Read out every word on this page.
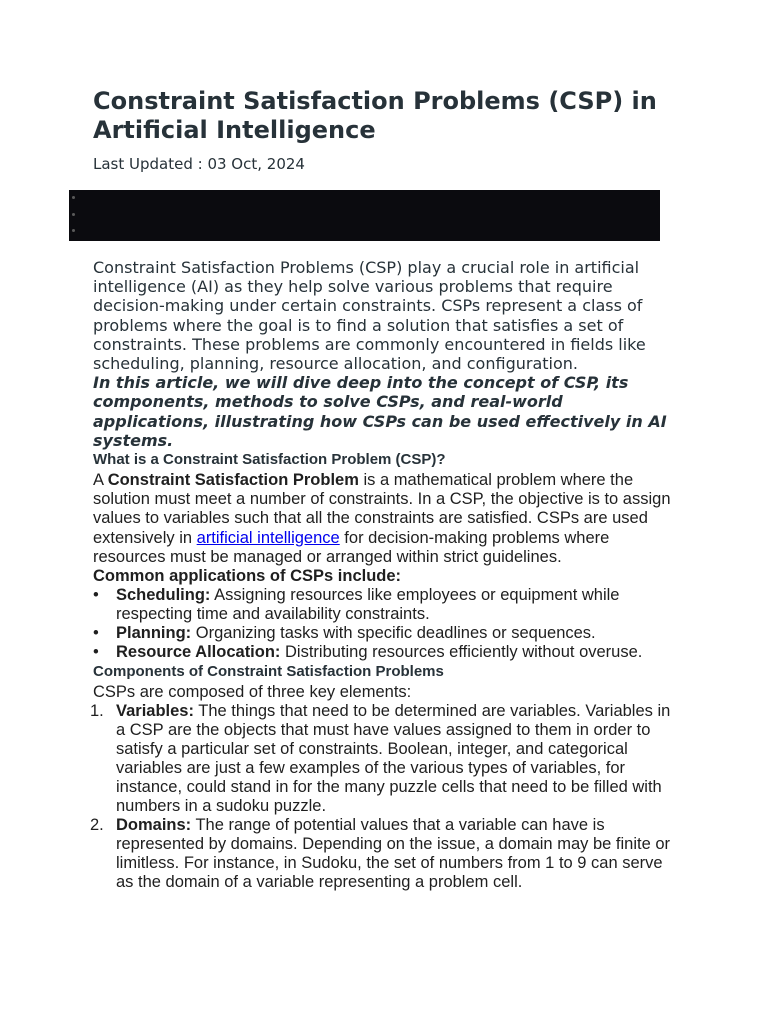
Constraint Satisfaction Problems (CSP) in Artificial Intelligence
Last Updated : 03 Oct, 2024

Constraint Satisfaction Problems (CSP) play a crucial role in artificial intelligence (AI) as they help solve various problems that require decision-making under certain constraints. CSPs represent a class of problems where the goal is to find a solution that satisfies a set of constraints. These problems are commonly encountered in fields like scheduling, planning, resource allocation, and configuration.

In this article, we will dive deep into the concept of CSP, its components, methods to solve CSPs, and real-world applications, illustrating how CSPs can be used effectively in AI systems.

What is a Constraint Satisfaction Problem (CSP)?

A Constraint Satisfaction Problem is a mathematical problem where the solution must meet a number of constraints. In a CSP, the objective is to assign values to variables such that all the constraints are satisfied. CSPs are used extensively in artificial intelligence for decision-making problems where resources must be managed or arranged within strict guidelines.

Common applications of CSPs include:
•	Scheduling: Assigning resources like employees or equipment while respecting time and availability constraints.
•	Planning: Organizing tasks with specific deadlines or sequences.
•	Resource Allocation: Distributing resources efficiently without overuse.
Components of Constraint Satisfaction Problems

CSPs are composed of three key elements:

1. Variables: The things that need to be determined are variables. Variables in a CSP are the objects that must have values assigned to them in order to satisfy a particular set of constraints. Boolean, integer, and categorical variables are just a few examples of the various types of variables, for instance, could stand in for the many puzzle cells that need to be filled with numbers in a sudoku puzzle.
2. Domains: The range of potential values that a variable can have is represented by domains. Depending on the issue, a domain may be finite or limitless. For instance, in Sudoku, the set of numbers from 1 to 9 can serve as the domain of a variable representing a problem cell.
